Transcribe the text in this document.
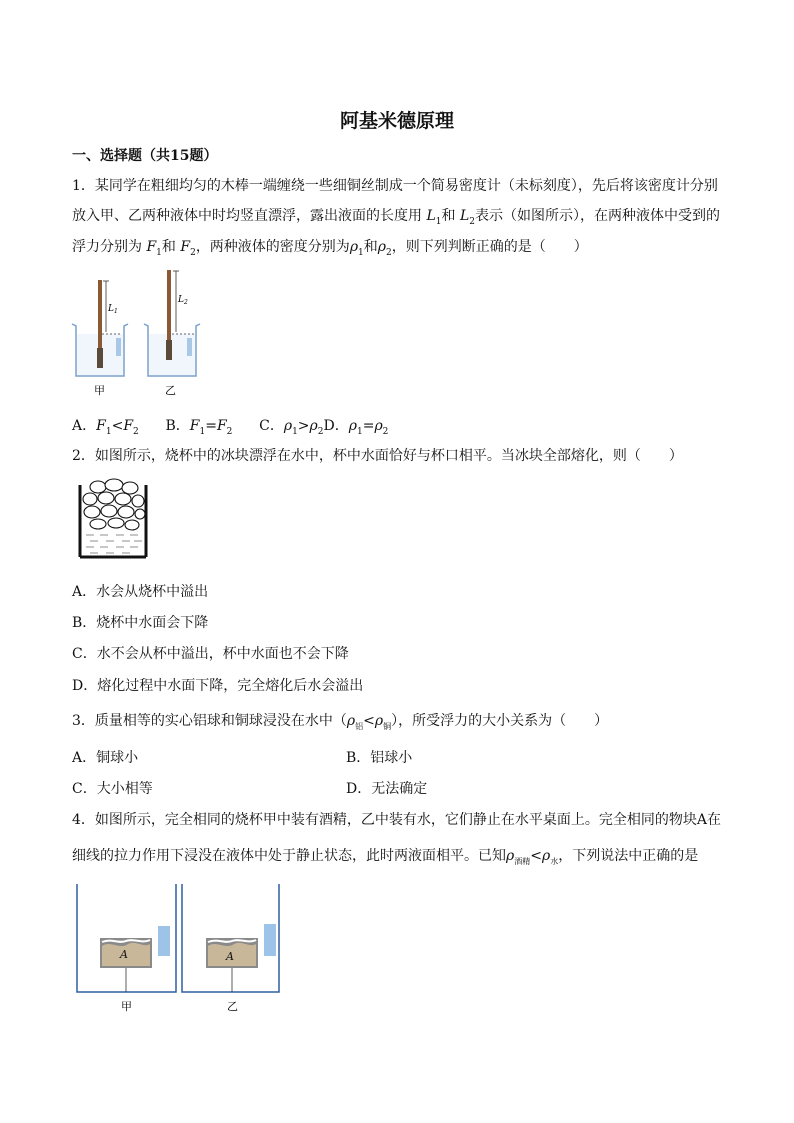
阿基米德原理
一、选择题（共15题）
1．某同学在粗细均匀的木棒一端缠绕一些细铜丝制成一个简易密度计（未标刻度），先后将该密度计分别
放入甲、乙两种液体中时均竖直漂浮，露出液面的长度用 $L_1$和 $L_2$表示（如图所示），在两种液体中受到的
浮力分别为 $F_1$和 $F_2$，两种液体的密度分别为$\rho_1$和$\rho_2$，则下列判断正确的是（　　）
$L_1$
甲
$L_2$
乙
A．$F_1<F_2$ B．$F_1=F_2$ C．$\rho_1>\rho_2D$．$\rho_1=\rho_2$
2．如图所示，烧杯中的冰块漂浮在水中，杯中水面恰好与杯口相平。当冰块全部熔化，则（　　）
A．水会从烧杯中溢出
B．烧杯中水面会下降
C．水不会从杯中溢出，杯中水面也不会下降
D．熔化过程中水面下降，完全熔化后水会溢出
3．质量相等的实心铝球和铜球浸没在水中$(\rho_铝<\rho_铜)$，所受浮力的大小关系为（　　）
A．铜球小	B．铝球小
C．大小相等	D．无法确定
4．如图所示，完全相同的烧杯甲中装有酒精，乙中装有水，它们静止在水平桌面上。完全相同的物块A在
细线的拉力作用下浸没在液体中处于静止状态，此时两液面相平。已知$\rho_{酒精}<\rho_水$，下列说法中正确的是
A
甲
A
乙
